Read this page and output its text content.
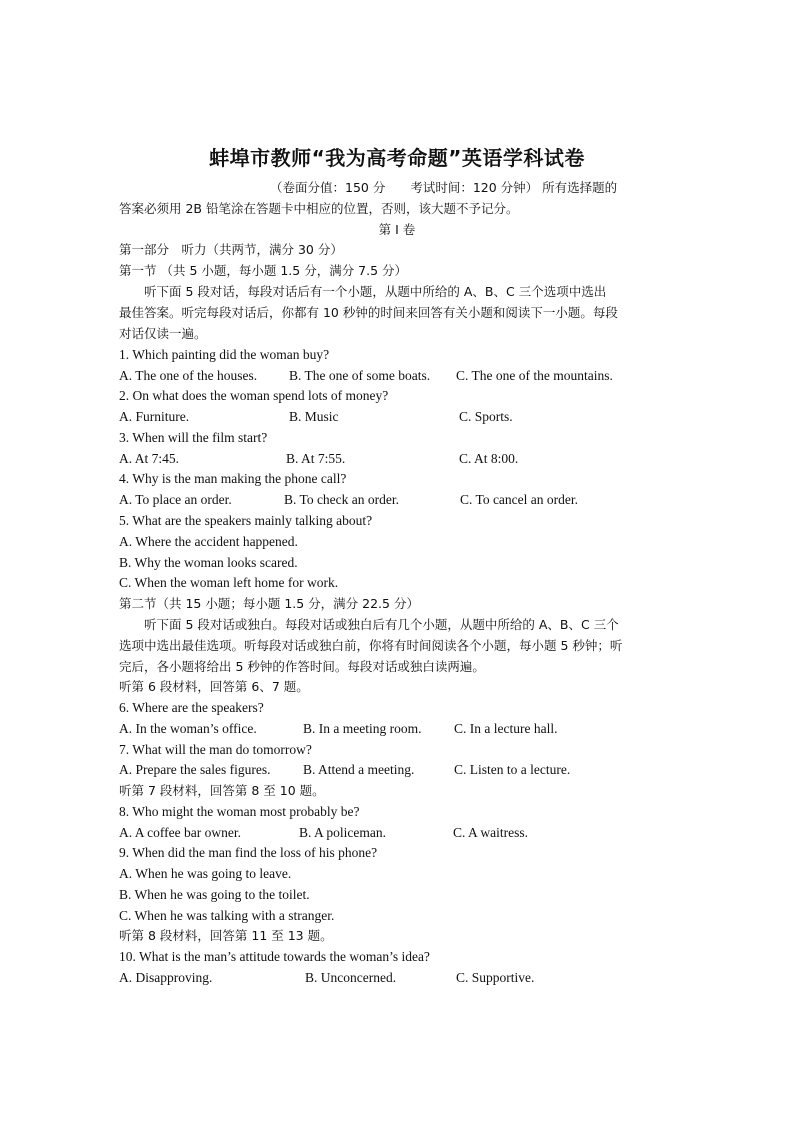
蚌埠市教师“我为高考命题”英语学科试卷
（卷面分值：150 分　　考试时间：120 分钟） 所有选择题的
答案必须用 2B 铅笔涂在答题卡中相应的位置，否则，该大题不予记分。
第 I 卷
第一部分　听力（共两节，满分 30 分）
第一节 （共 5 小题，每小题 1.5 分，满分 7.5 分）
　　听下面 5 段对话，每段对话后有一个小题，从题中所给的 A、B、C 三个选项中选出
最佳答案。听完每段对话后，你都有 10 秒钟的时间来回答有关小题和阅读下一小题。每段
对话仅读一遍。
1. Which painting did the woman buy?
A. The one of the houses. B. The one of some boats. C. The one of the mountains.
2. On what does the woman spend lots of money?
A. Furniture.	B. Music	C. Sports.
3. When will the film start?
A. At 7:45.	B. At 7:55.	C. At 8:00.
4. Why is the man making the phone call?
A. To place an order.	B. To check an order.	C. To cancel an order.
5. What are the speakers mainly talking about?
A. Where the accident happened.
B. Why the woman looks scared.
C. When the woman left home for work.
第二节（共 15 小题；每小题 1.5 分，满分 22.5 分）
　　听下面 5 段对话或独白。每段对话或独白后有几个小题，从题中所给的 A、B、C 三个
选项中选出最佳选项。听每段对话或独白前，你将有时间阅读各个小题，每小题 5 秒钟；听
完后，各小题将给出 5 秒钟的作答时间。每段对话或独白读两遍。
听第 6 段材料，回答第 6、7 题。
6. Where are the speakers?
A. In the woman’s office.	B. In a meeting room. C. In a lecture hall.
7. What will the man do tomorrow?
A. Prepare the sales figures. B. Attend a meeting.	C. Listen to a lecture.
听第 7 段材料，回答第 8 至 10 题。
8. Who might the woman most probably be?
A. A coffee bar owner.	B. A policeman.	C. A waitress.
9. When did the man find the loss of his phone?
A. When he was going to leave.
B. When he was going to the toilet.
C. When he was talking with a stranger.
听第 8 段材料，回答第 11 至 13 题。
10. What is the man’s attitude towards the woman’s idea?
A. Disapproving.	B. Unconcerned.	C. Supportive.
